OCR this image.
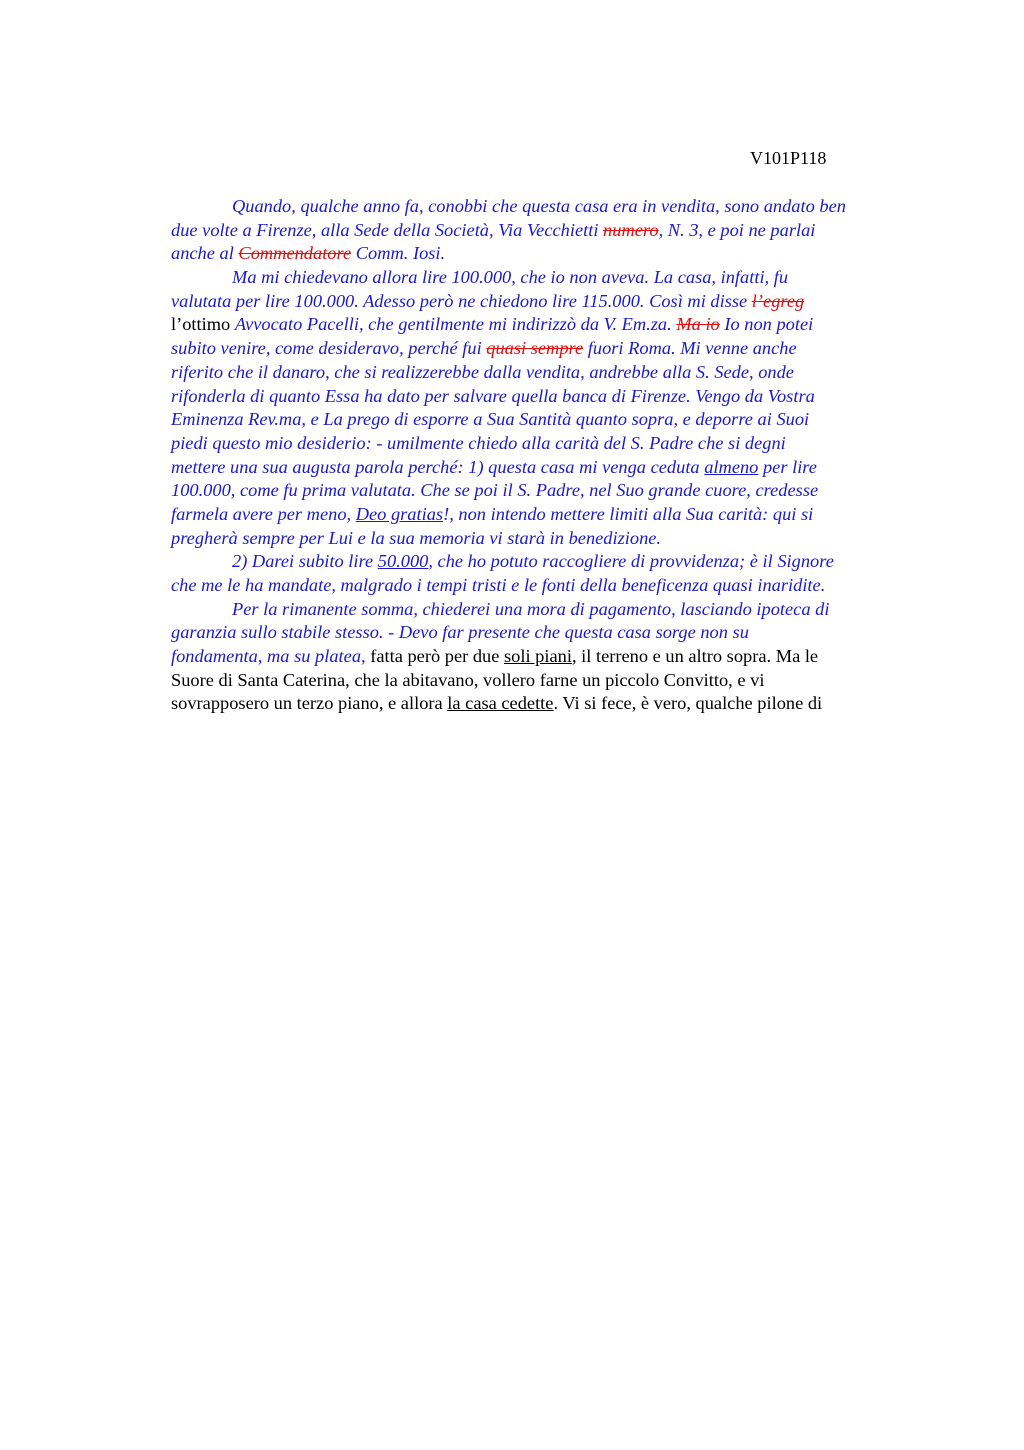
V101P118
Quando, qualche anno fa, conobbi che questa casa era in vendita, sono andato ben
due volte a Firenze, alla Sede della Società, Via Vecchietti numero, N. 3, e poi ne parlai
anche al Commendatore Comm. Iosi.
Ma mi chiedevano allora lire 100.000, che io non aveva. La casa, infatti, fu
valutata per lire 100.000. Adesso però ne chiedono lire 115.000. Così mi disse l’egreg
l’ottimo Avvocato Pacelli, che gentilmente mi indirizzò da V. Em.za. Ma io Io non potei
subito venire, come desideravo, perché fui quasi sempre fuori Roma. Mi venne anche
riferito che il danaro, che si realizzerebbe dalla vendita, andrebbe alla S. Sede, onde
rifonderla di quanto Essa ha dato per salvare quella banca di Firenze. Vengo da Vostra
Eminenza Rev.ma, e La prego di esporre a Sua Santità quanto sopra, e deporre ai Suoi
piedi questo mio desiderio: - umilmente chiedo alla carità del S. Padre che si degni
mettere una sua augusta parola perché: 1) questa casa mi venga ceduta almeno per lire
100.000, come fu prima valutata. Che se poi il S. Padre, nel Suo grande cuore, credesse
farmela avere per meno, Deo gratias!, non intendo mettere limiti alla Sua carità: qui si
pregherà sempre per Lui e la sua memoria vi starà in benedizione.
2) Darei subito lire 50.000, che ho potuto raccogliere di provvidenza; è il Signore
che me le ha mandate, malgrado i tempi tristi e le fonti della beneficenza quasi inaridite.
Per la rimanente somma, chiederei una mora di pagamento, lasciando ipoteca di
garanzia sullo stabile stesso. - Devo far presente che questa casa sorge non su
fondamenta, ma su platea, fatta però per due soli piani, il terreno e un altro sopra. Ma le
Suore di Santa Caterina, che la abitavano, vollero farne un piccolo Convitto, e vi
sovrapposero un terzo piano, e allora la casa cedette. Vi si fece, è vero, qualche pilone di
